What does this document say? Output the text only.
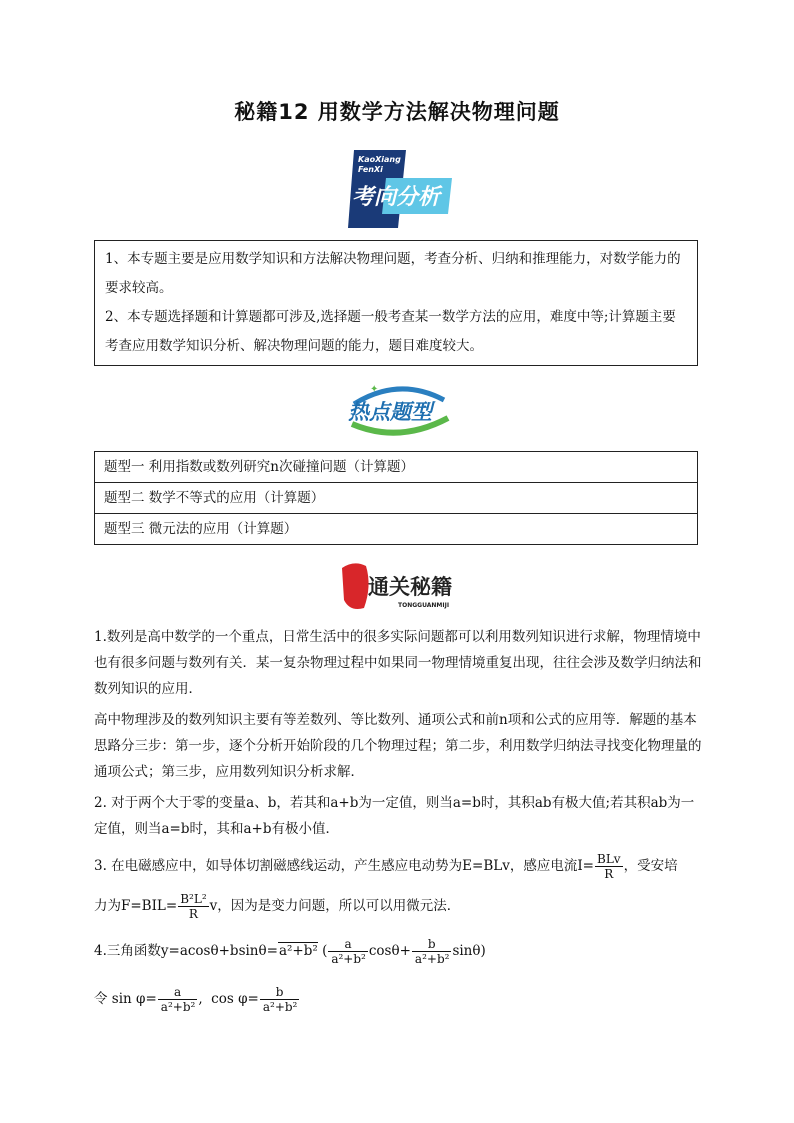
秘籍12 用数学方法解决物理问题
KaoXiang
FenXi
考向分析

1、本专题主要是应用数学知识和方法解决物理问题，考查分析、归纳和推理能力，对数学能力的要求较高。

2、本专题选择题和计算题都可涉及,选择题一般考查某一数学方法的应用，难度中等;计算题主要考查应用数学知识分析、解决物理问题的能力，题目难度较大。

✦
热点题型
题型一 利用指数或数列研究n次碰撞问题（计算题）
题型二 数学不等式的应用（计算题）
题型三 微元法的应用（计算题）
通关秘籍
TONGGUANMIJI

1.数列是高中数学的一个重点，日常生活中的很多实际问题都可以利用数列知识进行求解，物理情境中也有很多问题与数列有关．某一复杂物理过程中如果同一物理情境重复出现，往往会涉及数学归纳法和数列知识的应用．

高中物理涉及的数列知识主要有等差数列、等比数列、通项公式和前n项和公式的应用等．解题的基本思路分三步：第一步，逐个分析开始阶段的几个物理过程；第二步，利用数学归纳法寻找变化物理量的通项公式；第三步，应用数列知识分析求解．

2. 对于两个大于零的变量a、b，若其和a+b为一定值，则当a=b时，其积ab有极大值;若其积ab为一定值，则当a=b时，其和a+b有极小值．

3. 在电磁感应中，如导体切割磁感线运动，产生感应电动势为E=BLv，感应电流$I= \frac{\text{BLv}}{R}$ ，受安培
力为$F=BIL= \frac{\text{B²L²}}{R}$ v，因为是变力问题，所以可以用微元法．
4.三角函数y=acosθ+bsinθ=a²+b² ( $\frac{a}{\text{a²+b²}} \cos\theta+ \frac{b}{\text{a²+b²}} \sin\theta$)
令 $\sin \varphi= \frac{a}{\text{a²+b²}}$ ,  $\cos \varphi= \frac{b}{\text{a²+b²}}$
